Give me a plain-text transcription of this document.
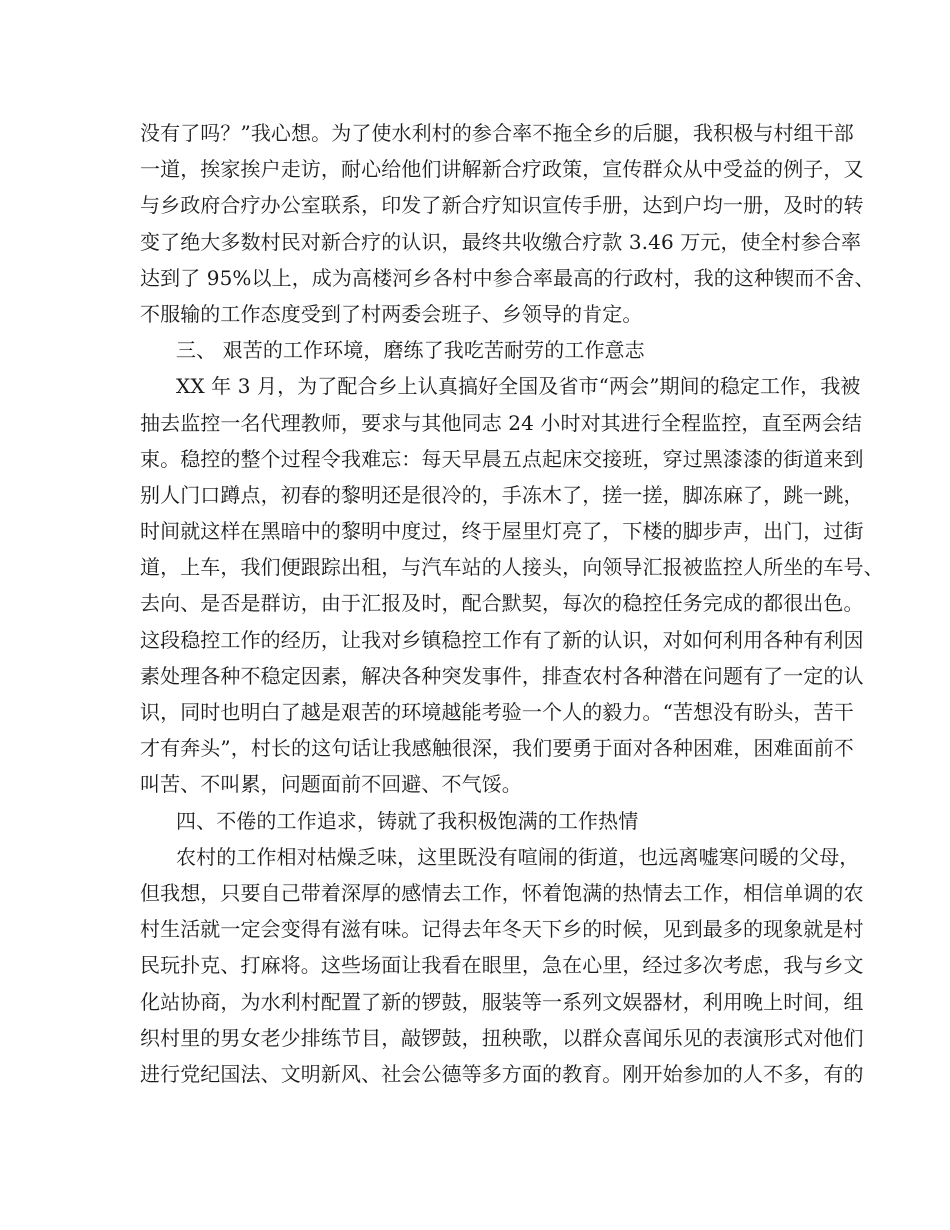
没有了吗？”我心想。为了使水利村的参合率不拖全乡的后腿，我积极与村组干部
一道，挨家挨户走访，耐心给他们讲解新合疗政策，宣传群众从中受益的例子，又
与乡政府合疗办公室联系，印发了新合疗知识宣传手册，达到户均一册，及时的转
变了绝大多数村民对新合疗的认识，最终共收缴合疗款 3.46 万元，使全村参合率
达到了 95%以上，成为高楼河乡各村中参合率最高的行政村，我的这种锲而不舍、
不服输的工作态度受到了村两委会班子、乡领导的肯定。
三、 艰苦的工作环境，磨练了我吃苦耐劳的工作意志
XX 年 3 月，为了配合乡上认真搞好全国及省市“两会”期间的稳定工作，我被
抽去监控一名代理教师，要求与其他同志 24 小时对其进行全程监控，直至两会结
束。稳控的整个过程令我难忘：每天早晨五点起床交接班，穿过黑漆漆的街道来到
别人门口蹲点，初春的黎明还是很冷的，手冻木了，搓一搓，脚冻麻了，跳一跳，
时间就这样在黑暗中的黎明中度过，终于屋里灯亮了，下楼的脚步声，出门，过街
道，上车，我们便跟踪出租，与汽车站的人接头，向领导汇报被监控人所坐的车号、
去向、是否是群访，由于汇报及时，配合默契，每次的稳控任务完成的都很出色。
这段稳控工作的经历，让我对乡镇稳控工作有了新的认识，对如何利用各种有利因
素处理各种不稳定因素，解决各种突发事件，排查农村各种潜在问题有了一定的认
识，同时也明白了越是艰苦的环境越能考验一个人的毅力。“苦想没有盼头，苦干
才有奔头”，村长的这句话让我感触很深，我们要勇于面对各种困难，困难面前不
叫苦、不叫累，问题面前不回避、不气馁。
四、不倦的工作追求，铸就了我积极饱满的工作热情
农村的工作相对枯燥乏味，这里既没有喧闹的街道，也远离嘘寒问暖的父母，
但我想，只要自己带着深厚的感情去工作，怀着饱满的热情去工作，相信单调的农
村生活就一定会变得有滋有味。记得去年冬天下乡的时候，见到最多的现象就是村
民玩扑克、打麻将。这些场面让我看在眼里，急在心里，经过多次考虑，我与乡文
化站协商，为水利村配置了新的锣鼓，服装等一系列文娱器材，利用晚上时间，组
织村里的男女老少排练节目，敲锣鼓，扭秧歌，以群众喜闻乐见的表演形式对他们
进行党纪国法、文明新风、社会公德等多方面的教育。刚开始参加的人不多，有的
